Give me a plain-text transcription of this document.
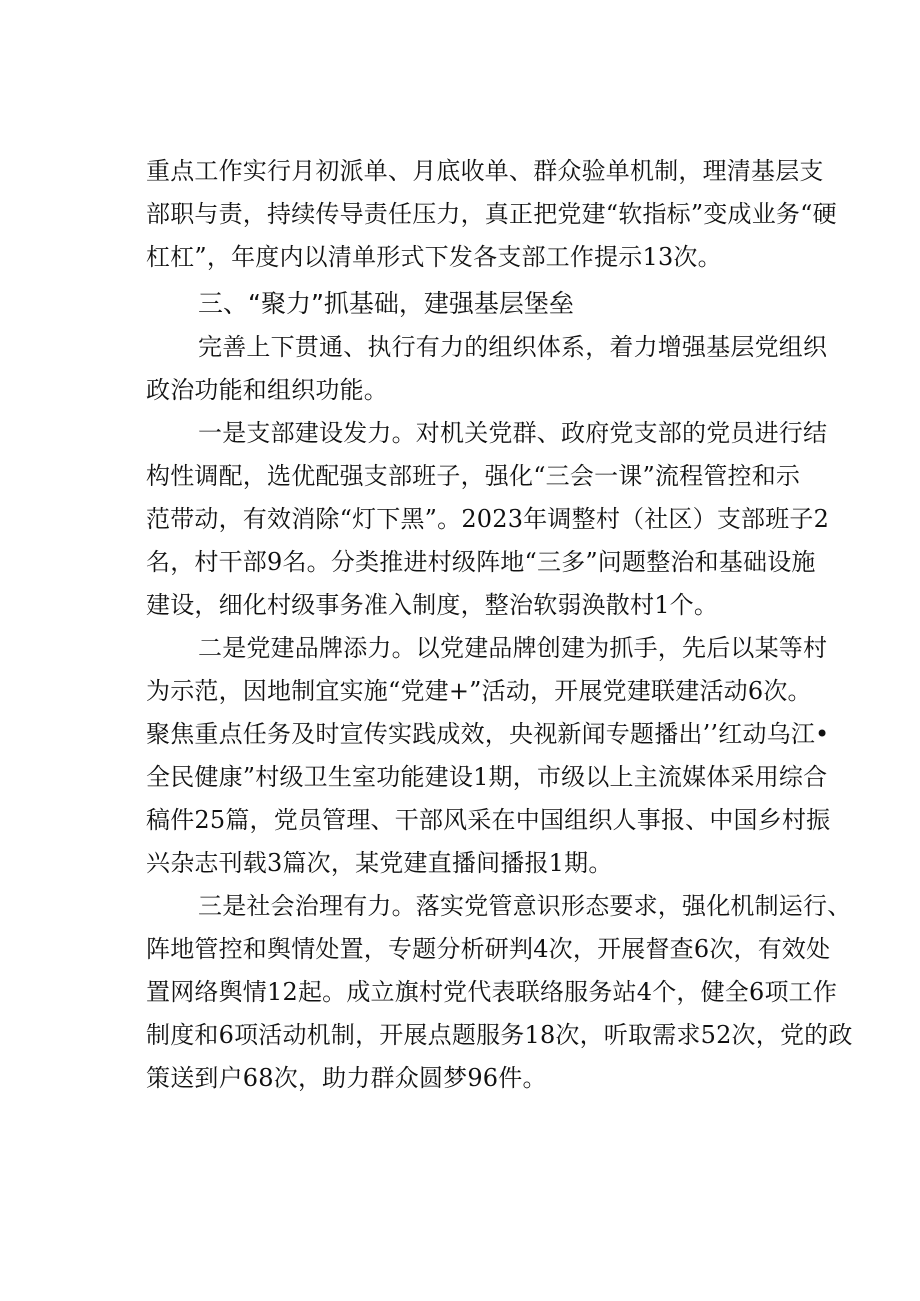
重点工作实行月初派单、月底收单、群众验单机制，理清基层支
部职与责，持续传导责任压力，真正把党建“软指标”变成业务“硬
杠杠”，年度内以清单形式下发各支部工作提示13次。
三、“聚力”抓基础，建强基层堡垒
完善上下贯通、执行有力的组织体系，着力增强基层党组织
政治功能和组织功能。
一是支部建设发力。对机关党群、政府党支部的党员进行结
构性调配，选优配强支部班子，强化“三会一课”流程管控和示
范带动，有效消除“灯下黑”。2023年调整村（社区）支部班子2
名，村干部9名。分类推进村级阵地“三多”问题整治和基础设施
建设，细化村级事务准入制度，整治软弱涣散村1个。
二是党建品牌添力。以党建品牌创建为抓手，先后以某等村
为示范，因地制宜实施“党建+”活动，开展党建联建活动6次。
聚焦重点任务及时宣传实践成效，央视新闻专题播出’’红动乌江•
全民健康”村级卫生室功能建设1期，市级以上主流媒体采用综合
稿件25篇，党员管理、干部风采在中国组织人事报、中国乡村振
兴杂志刊载3篇次，某党建直播间播报1期。
三是社会治理有力。落实党管意识形态要求，强化机制运行、
阵地管控和舆情处置，专题分析研判4次，开展督查6次，有效处
置网络舆情12起。成立旗村党代表联络服务站4个，健全6项工作
制度和6项活动机制，开展点题服务18次，听取需求52次，党的政
策送到户68次，助力群众圆梦96件。
